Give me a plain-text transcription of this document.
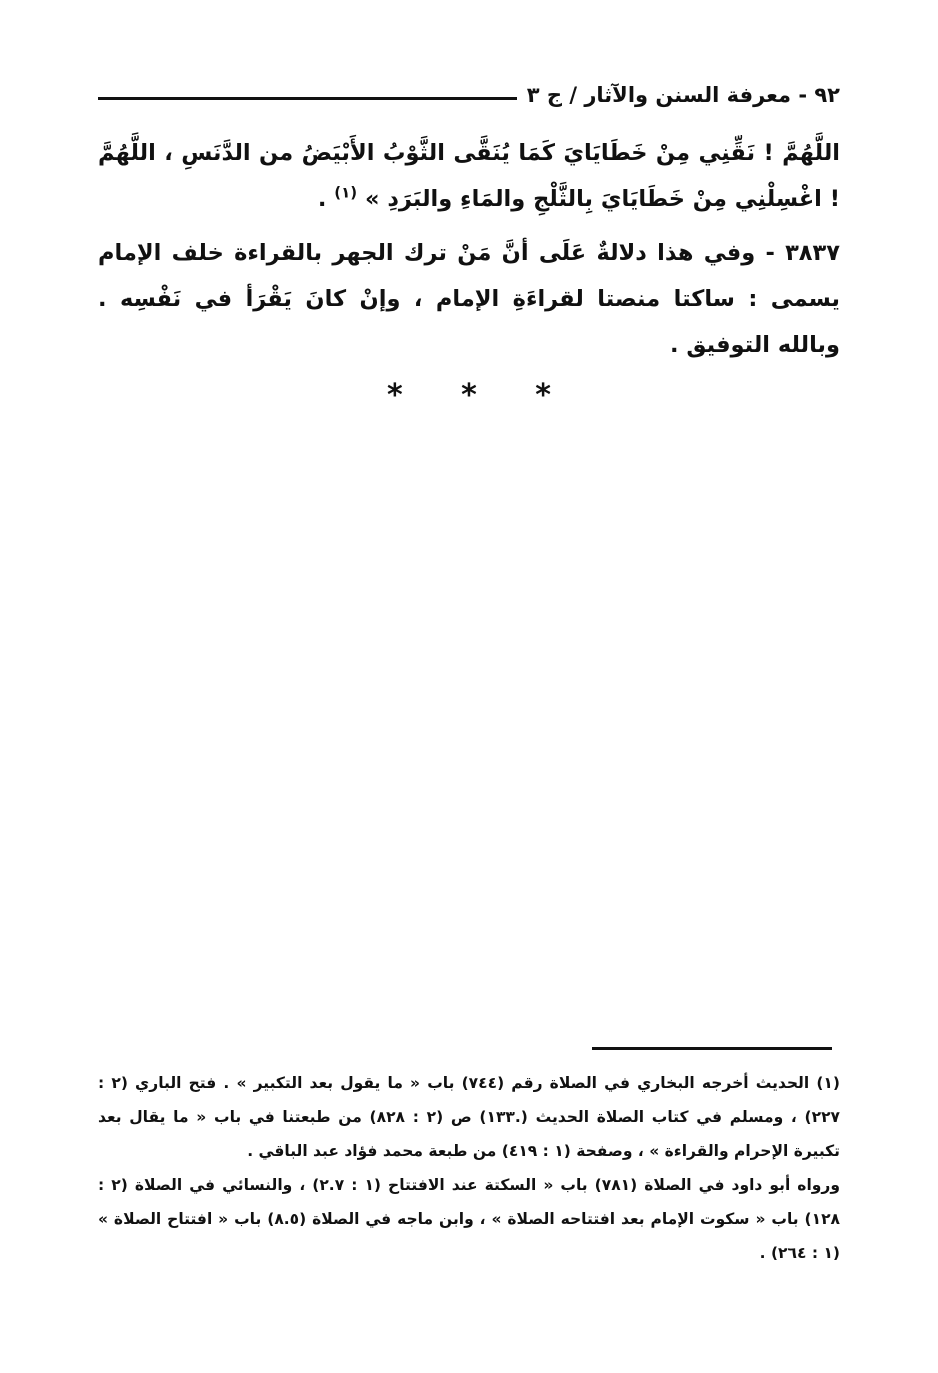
٩٢ - معرفة السنن والآثار / ج ٣

اللَّهُمَّ ! نَقِّنِي مِنْ خَطَايَايَ كَمَا يُنَقَّى الثَّوْبُ الأَبْيَضُ من الدَّنَسِ ، اللَّهُمَّ ! اغْسِلْنِي مِنْ خَطَايَايَ بِالثَّلْجِ والمَاءِ والبَرَدِ » $^{(١)}$ .

٣٨٣٧ - وفي هذا دلالةٌ عَلَى أنَّ مَنْ ترك الجهر بالقراءة خلف الإمام يسمى : ساكتا منصتا لقراءَةِ الإمام ، وإنْ كانَ يَقْرَأ في نَفْسِه . وبالله التوفيق .

* * *

(١) الحديث أخرجه البخاري في الصلاة رقم (٧٤٤) باب « ما يقول بعد التكبير » . فتح الباري (٢ : ٢٢٧) ، ومسلم في كتاب الصلاة الحديث (.١٣٣) ص (٢ : ٨٢٨) من طبعتنا في باب « ما يقال بعد تكبيرة الإحرام والقراءة » ، وصفحة (١ : ٤١٩) من طبعة محمد فؤاد عبد الباقي .

ورواه أبو داود في الصلاة (٧٨١) باب « السكتة عند الافتتاح (١ : ٢.٧) ، والنسائي في الصلاة (٢ : ١٢٨) باب « سكوت الإمام بعد افتتاحه الصلاة » ، وابن ماجه في الصلاة (٨.٥) باب « افتتاح الصلاة » (١ : ٢٦٤) .
